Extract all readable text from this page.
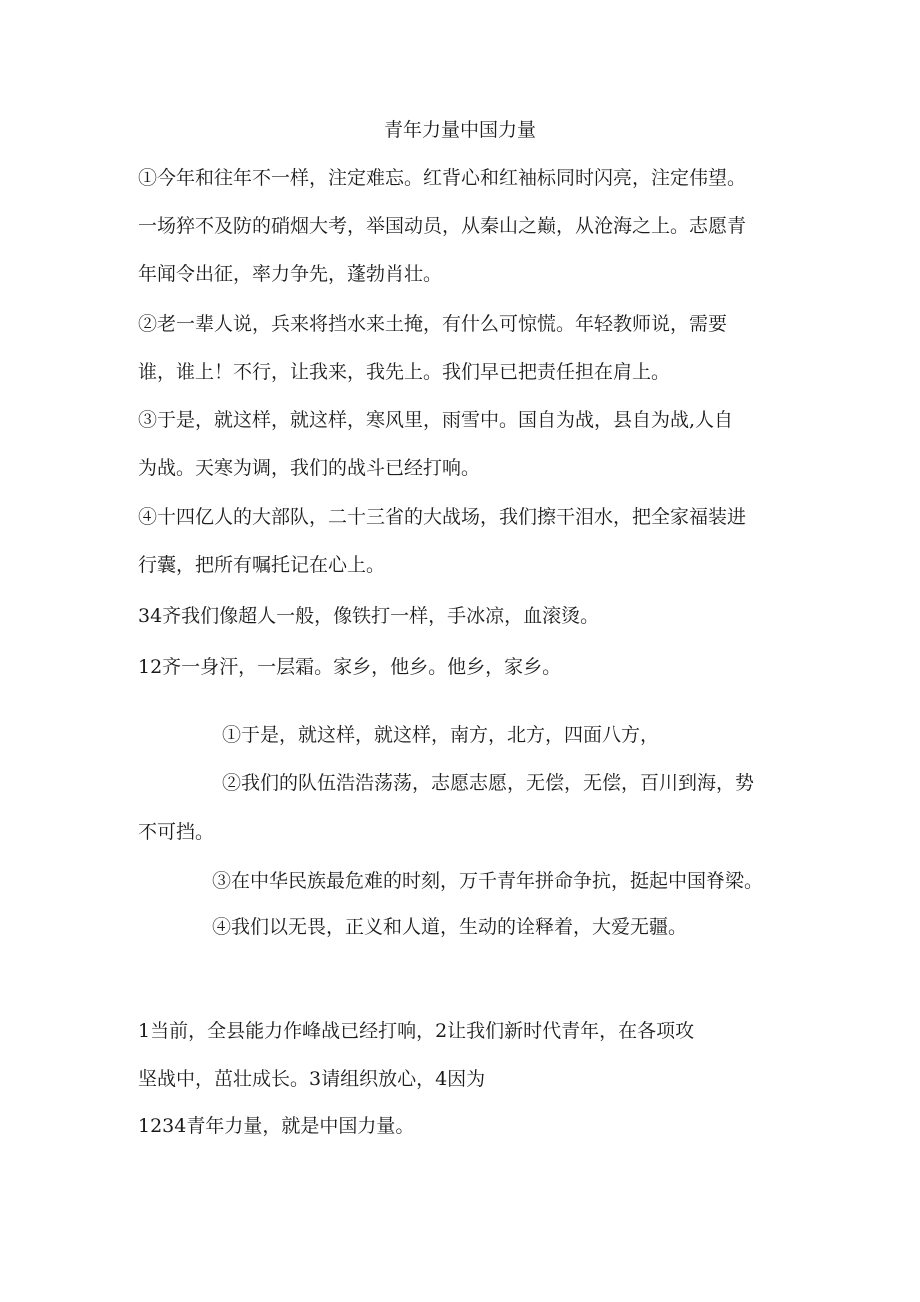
青年力量中国力量
①今年和往年不一样，注定难忘。红背心和红袖标同时闪亮，注定伟望。
一场猝不及防的硝烟大考，举国动员，从秦山之巅，从沧海之上。志愿青
年闻令出征，率力争先，蓬勃肖壮。
②老一辈人说，兵来将挡水来土掩，有什么可惊慌。年轻教师说，需要
谁，谁上！不行，让我来，我先上。我们早已把责任担在肩上。
③于是，就这样，就这样，寒风里，雨雪中。国自为战，县自为战,人自
为战。天寒为调，我们的战斗已经打响。
④十四亿人的大部队，二十三省的大战场，我们擦干泪水，把全家福装进
行囊，把所有嘱托记在心上。
34齐我们像超人一般，像铁打一样，手冰凉，血滚烫。
12齐一身汗，一层霜。家乡，他乡。他乡，家乡。
①于是，就这样，就这样，南方，北方，四面八方，
②我们的队伍浩浩荡荡，志愿志愿，无偿，无偿，百川到海，势
不可挡。
③在中华民族最危难的时刻，万千青年拼命争抗，挺起中国脊梁。
④我们以无畏，正义和人道，生动的诠释着，大爱无疆。
1当前，全县能力作峰战已经打响，2让我们新时代青年，在各项攻
坚战中，茁壮成长。3请组织放心，4因为
1234青年力量，就是中国力量。
